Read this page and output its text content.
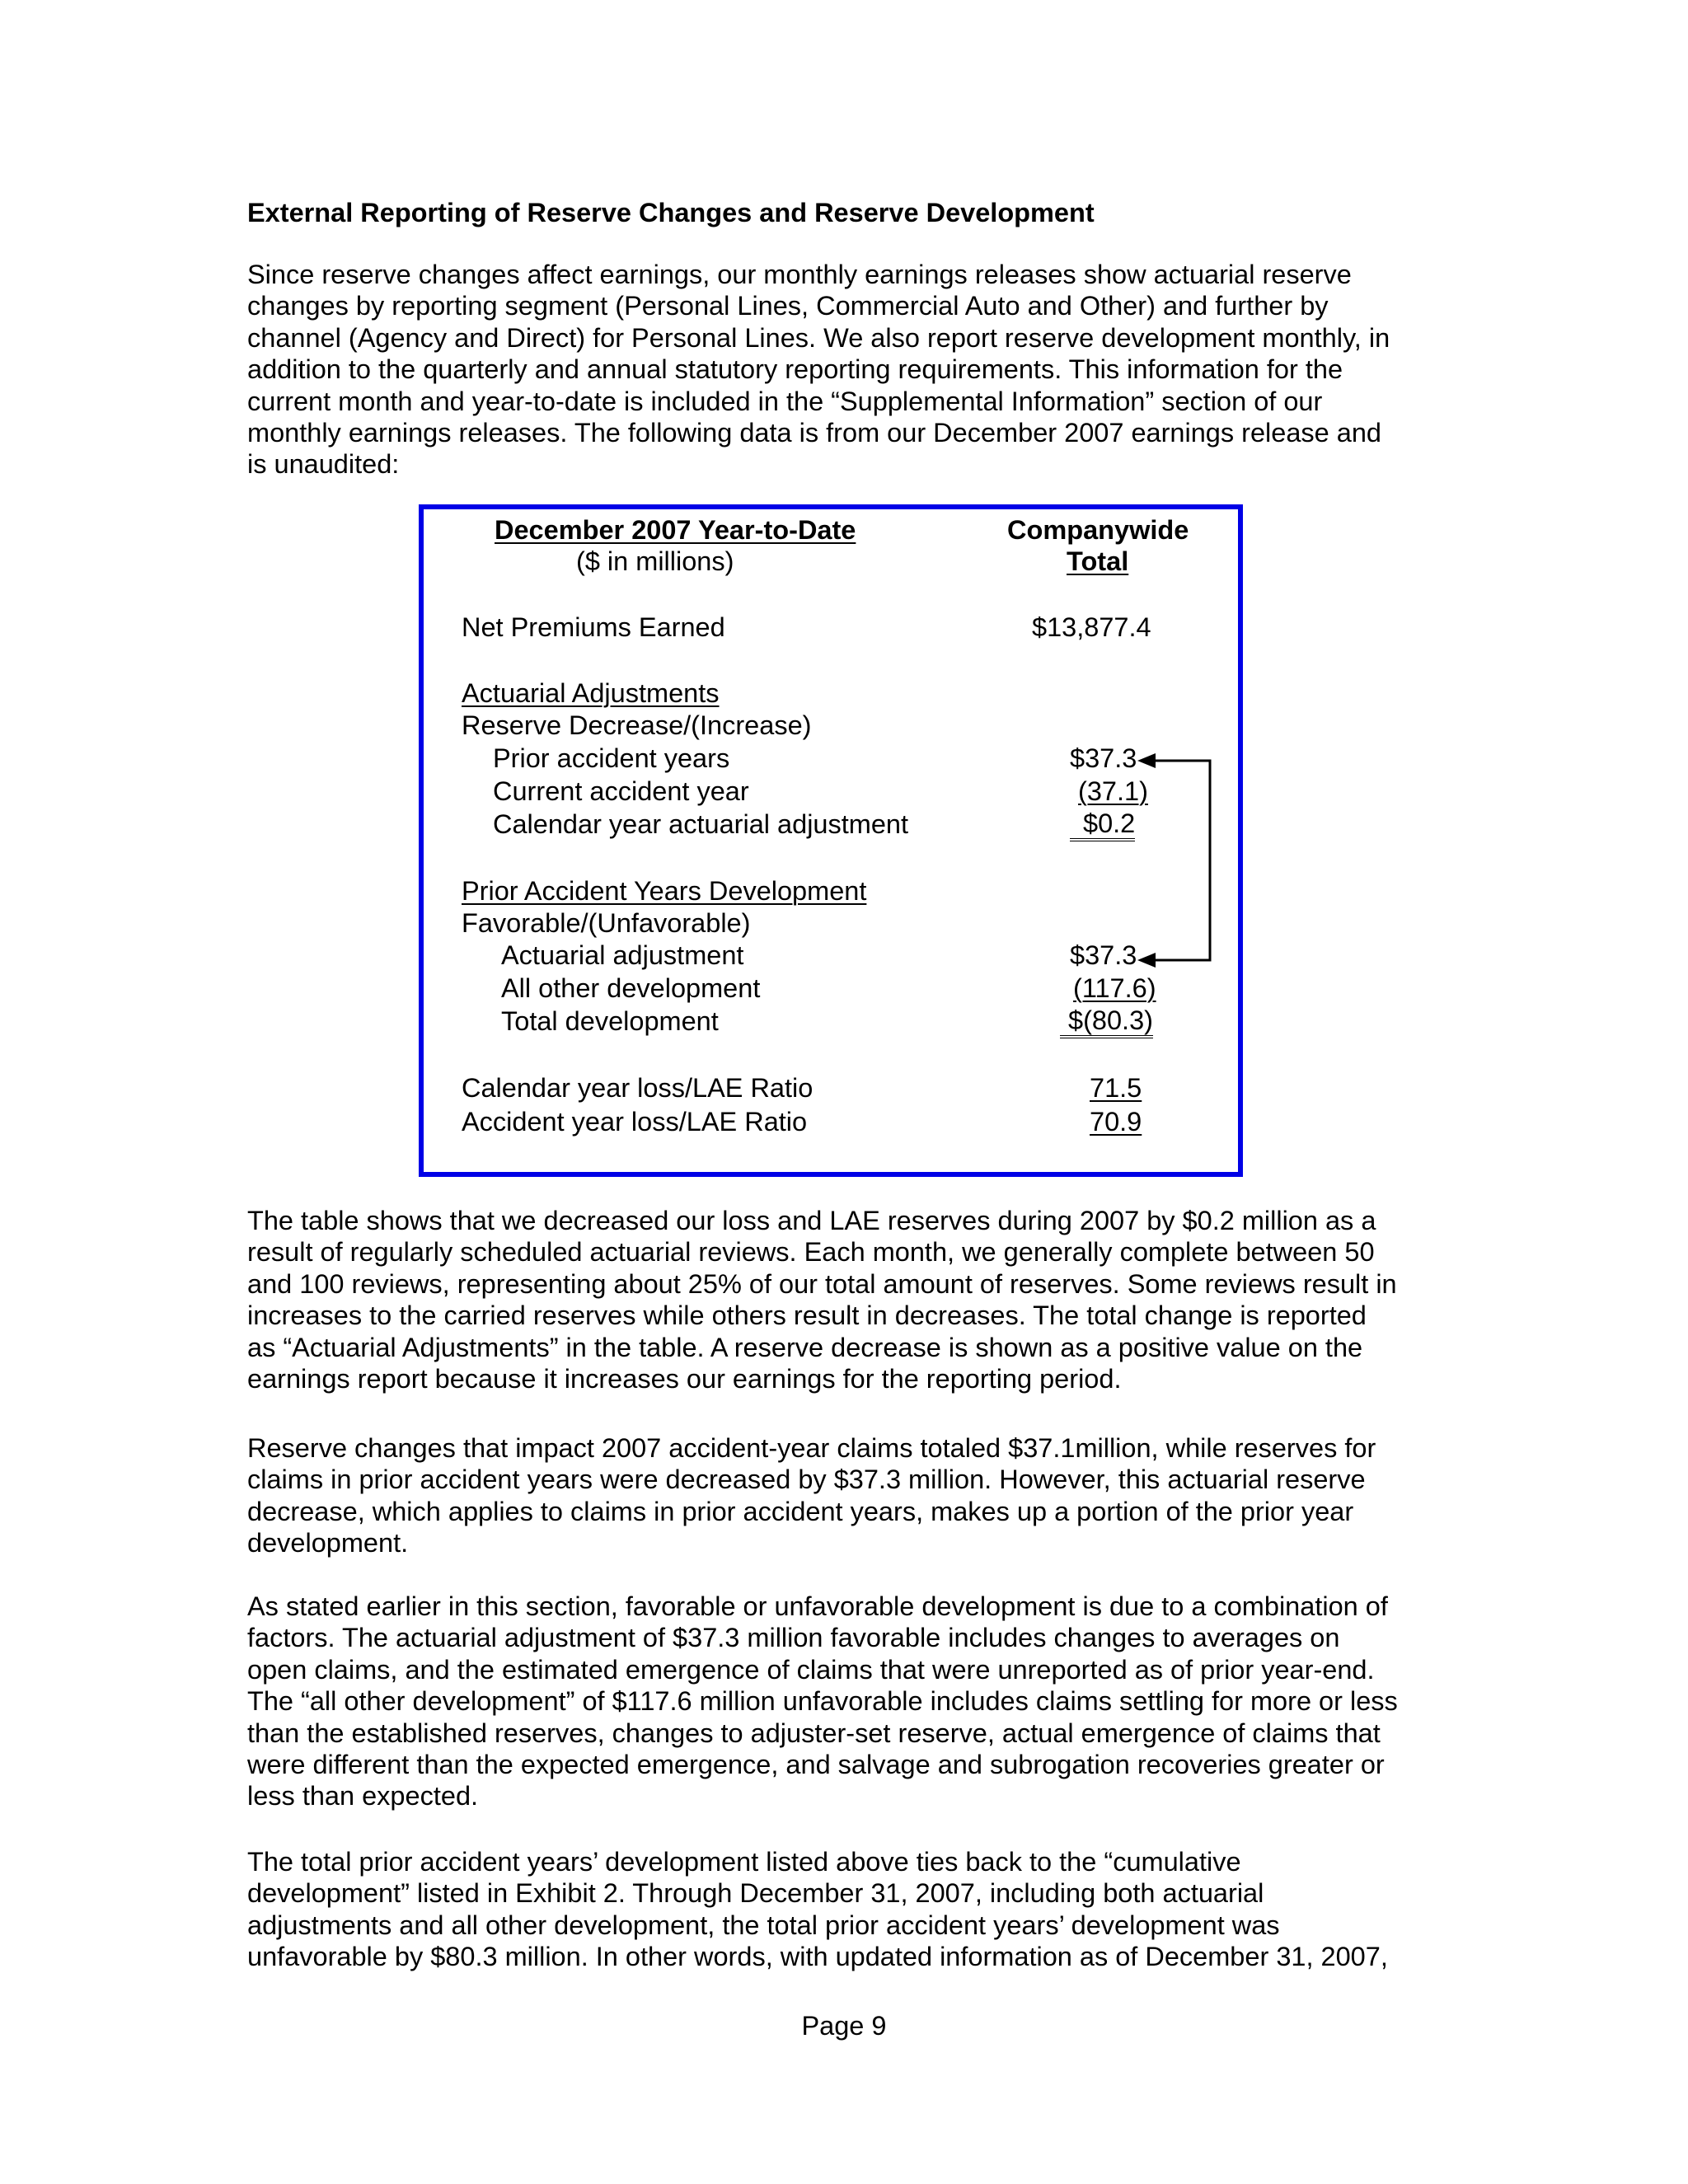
External Reporting of Reserve Changes and Reserve Development
Since reserve changes affect earnings, our monthly earnings releases show actuarial reserve
changes by reporting segment (Personal Lines, Commercial Auto and Other) and further by
channel (Agency and Direct) for Personal Lines. We also report reserve development monthly, in
addition to the quarterly and annual statutory reporting requirements. This information for the
current month and year-to-date is included in the “Supplemental Information” section of our
monthly earnings releases. The following data is from our December 2007 earnings release and
is unaudited:
December 2007 Year-to-Date
($ in millions)
Companywide
Total
Net Premiums Earned	$13,877.4
Actuarial Adjustments
Reserve Decrease/(Increase)
Prior accident years	$37.3
Current accident year	(37.1)
Calendar year actuarial adjustment	$0.2
Prior Accident Years Development
Favorable/(Unfavorable)
Actuarial adjustment	$37.3
All other development	(117.6)
Total development	$(80.3)
Calendar year loss/LAE Ratio	71.5
Accident year loss/LAE Ratio	70.9
The table shows that we decreased our loss and LAE reserves during 2007 by $0.2 million as a
result of regularly scheduled actuarial reviews. Each month, we generally complete between 50
and 100 reviews, representing about 25% of our total amount of reserves. Some reviews result in
increases to the carried reserves while others result in decreases. The total change is reported
as “Actuarial Adjustments” in the table. A reserve decrease is shown as a positive value on the
earnings report because it increases our earnings for the reporting period.
Reserve changes that impact 2007 accident-year claims totaled $37.1million, while reserves for
claims in prior accident years were decreased by $37.3 million. However, this actuarial reserve
decrease, which applies to claims in prior accident years, makes up a portion of the prior year
development.
As stated earlier in this section, favorable or unfavorable development is due to a combination of
factors. The actuarial adjustment of $37.3 million favorable includes changes to averages on
open claims, and the estimated emergence of claims that were unreported as of prior year-end.
The “all other development” of $117.6 million unfavorable includes claims settling for more or less
than the established reserves, changes to adjuster-set reserve, actual emergence of claims that
were different than the expected emergence, and salvage and subrogation recoveries greater or
less than expected.
The total prior accident years’ development listed above ties back to the “cumulative
development” listed in Exhibit 2. Through December 31, 2007, including both actuarial
adjustments and all other development, the total prior accident years’ development was
unfavorable by $80.3 million. In other words, with updated information as of December 31, 2007,
Page 9
